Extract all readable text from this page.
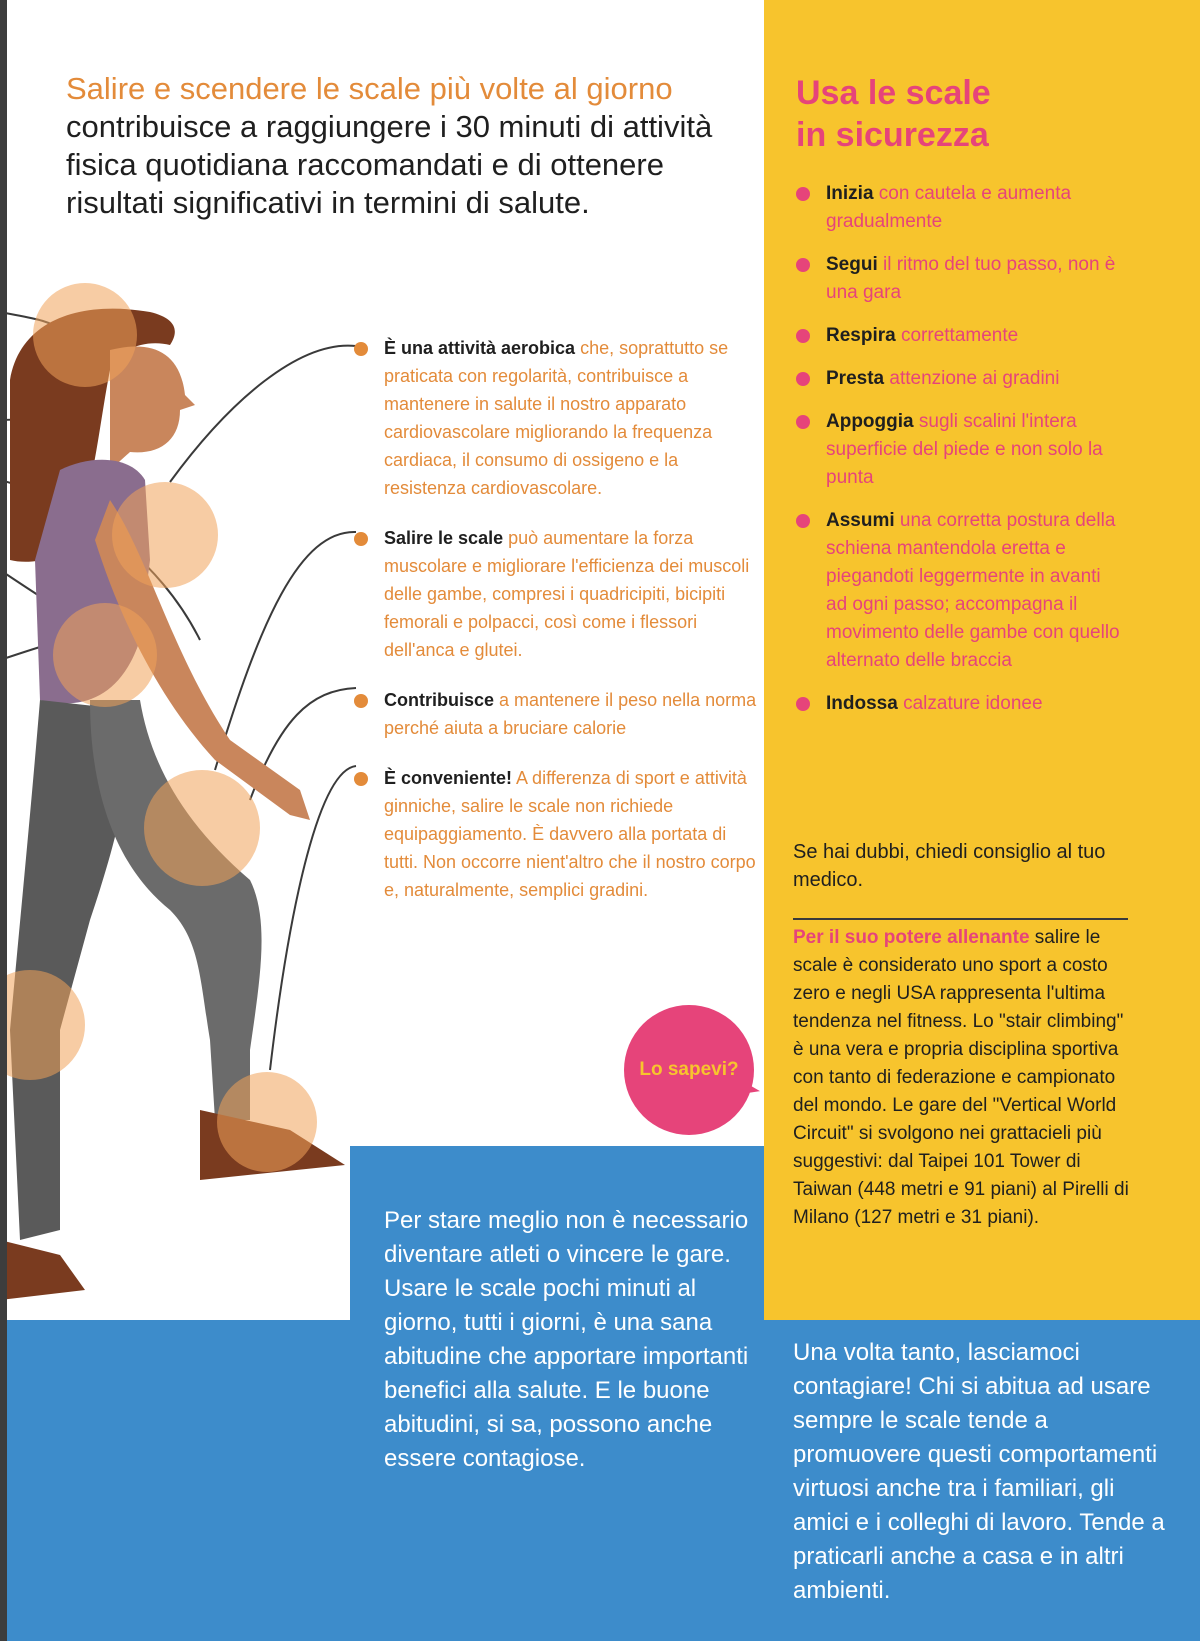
Salire e scendere le scale più volte al giorno
contribuisce a raggiungere i 30 minuti di attività fisica quotidiana raccomandati e di ottenere risultati significativi in termini di salute.
È una attività aerobica che, soprattutto se praticata con regolarità, contribuisce a mantenere in salute il nostro apparato cardiovascolare migliorando la frequenza cardiaca, il consumo di ossigeno e la resistenza cardiovascolare.
Salire le scale può aumentare la forza muscolare e migliorare l'efficienza dei muscoli delle gambe, compresi i quadricipiti, bicipiti femorali e polpacci, così come i flessori dell'anca e glutei.
Contribuisce a mantenere il peso nella norma perché aiuta a bruciare calorie
È conveniente! A differenza di sport e attività ginniche, salire le scale non richiede equipaggiamento. È davvero alla portata di tutti. Non occorre nient'altro che il nostro corpo e, naturalmente, semplici gradini.
Usa le scale
in sicurezza
Inizia con cautela e aumenta gradualmente
Segui il ritmo del tuo passo, non è una gara
Respira correttamente
Presta attenzione ai gradini
Appoggia sugli scalini l'intera superficie del piede e non solo la punta
Assumi una corretta postura della schiena mantendola eretta e piegandoti leggermente in avanti ad ogni passo; accompagna il movimento delle gambe con quello alternato delle braccia
Indossa calzature idonee
Se hai dubbi, chiedi consiglio al tuo medico.
Per il suo potere allenante salire le scale è considerato uno sport a costo zero e negli USA rappresenta l'ultima tendenza nel fitness. Lo "stair climbing" è una vera e propria disciplina sportiva con tanto di federazione e campionato del mondo. Le gare del "Vertical World Circuit" si svolgono nei grattacieli più suggestivi: dal Taipei 101 Tower di Taiwan (448 metri e 91 piani) al Pirelli di Milano (127 metri e 31 piani).
Lo sapevi?
Per stare meglio non è necessario diventare atleti o vincere le gare. Usare le scale pochi minuti al giorno, tutti i giorni, è una sana abitudine che apportare importanti benefici alla salute. E le buone abitudini, si sa, possono anche essere contagiose.
Una volta tanto, lasciamoci contagiare! Chi si abitua ad usare sempre le scale tende a promuovere questi comportamenti virtuosi anche tra i familiari, gli amici e i colleghi di lavoro. Tende a praticarli anche a casa e in altri ambienti.
